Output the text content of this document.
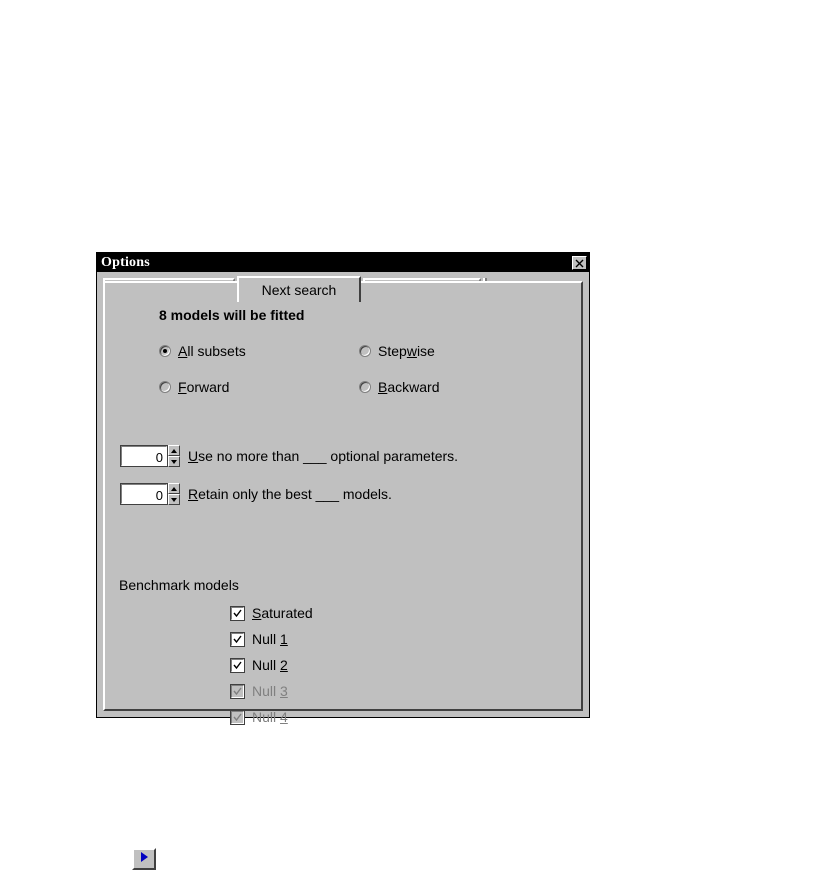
Options
Next search
8 models will be fitted
All subsets	Stepwise
Forward	Backward
0
Use no more than ___ optional parameters.
0
Retain only the best ___ models.
Benchmark models
Saturated
Null 1
Null 2
Null 3
Null 4
